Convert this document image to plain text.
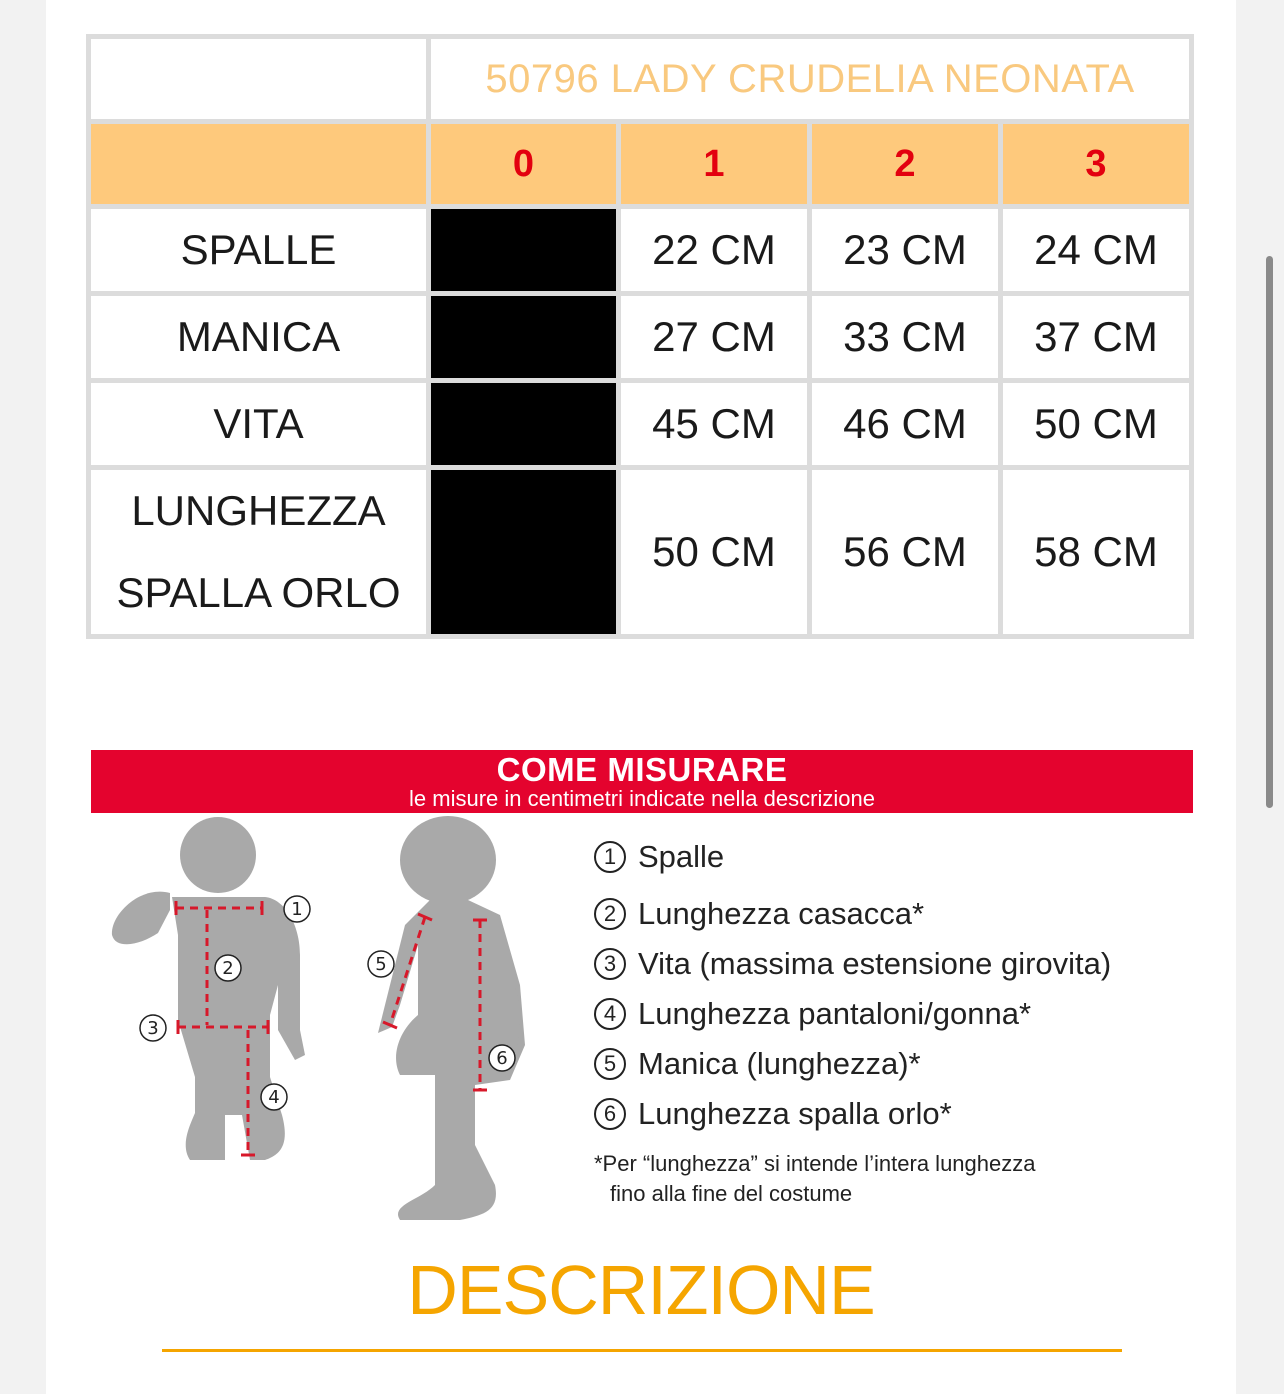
	50796 LADY CRUDELIA NEONATA			
	0	1	2	3
SPALLE		22 CM	23 CM	24 CM
MANICA		27 CM	33 CM	37 CM
VITA		45 CM	46 CM	50 CM

LUNGHEZZA
SPALLA ORLO		50 CM	56 CM	58 CM
COME MISURARE
le misure in centimetri indicate nella descrizione
1
2
3
4
5
6
1 Spalle
2 Lunghezza casacca*
3 Vita (massima estensione girovita)
4 Lunghezza pantaloni/gonna*
5 Manica (lunghezza)*
6 Lunghezza spalla orlo*
*Per “lunghezza” si intende l’intera lunghezza
fino alla fine del costume
DESCRIZIONE
